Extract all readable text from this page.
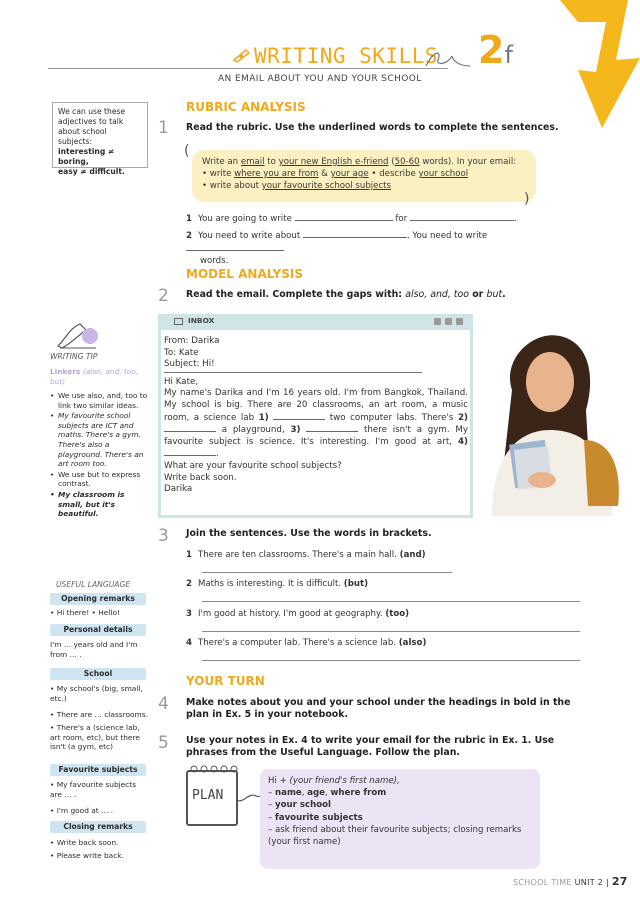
WRITING SKILLS 2f
AN EMAIL ABOUT YOU AND YOUR SCHOOL
We can use these adjectives to talk about school subjects:
interesting ≠ boring,
easy ≠ difficult.
WRITING TIP
Linkers (also, and, too, but)
• We use also, and, too to link two similar ideas.
• My favourite school subjects are ICT and maths. There's a gym. There's also a playground. There's an art room too.
• We use but to express contrast.
• My classroom is small, but it's beautiful.
USEFUL LANGUAGE
Opening remarks
• Hi there! • Hello!
Personal details
I'm … years old and I'm from … .
School
• My school's (big, small, etc.)
• There are … classrooms.
• There's a (science lab, art room, etc), but there isn't (a gym, etc)
Favourite subjects
• My favourite subjects are … .
• I'm good at … .
Closing remarks
• Write back soon.
• Please write back.
RUBRIC ANALYSIS
1 Read the rubric. Use the underlined words to complete the sentences.
(
Write an email to your new English e-friend (50-60 words). In your email:
• write where you are from & your age • describe your school
• write about your favourite school subjects
)
1 You are going to write	for	.
2 You need to write about	. You need to write
words.
MODEL ANALYSIS
2 Read the email. Complete the gaps with: also, and, too or but.
INBOX
From: Darika
To: Kate
Subject: Hi!
Hi Kate,
My name's Darika and I'm 16 years old. I'm from Bangkok, Thailand. My school is big. There are 20 classrooms, an art room, a music room, a science lab 1)	two computer labs. There's 2)  a playground, 3)	there isn't a gym. My favourite subject is science. It's interesting. I'm good at art, 4) .
What are your favourite school subjects?
Write back soon.
Darika
3 Join the sentences. Use the words in brackets.
1 There are ten classrooms. There's a main hall. (and)
2 Maths is interesting. It is difficult. (but)
3 I'm good at history. I'm good at geography. (too)
4 There's a computer lab. There's a science lab. (also)
YOUR TURN
4 Make notes about you and your school under the headings in bold in the plan in Ex. 5 in your notebook.
5 Use your notes in Ex. 4 to write your email for the rubric in Ex. 1. Use phrases from the Useful Language. Follow the plan.
PLAN
Hi + (your friend's first name),
– name, age, where from
– your school
– favourite subjects
– ask friend about their favourite subjects; closing remarks
(your first name)
SCHOOL TIME UNIT 2 | 27
